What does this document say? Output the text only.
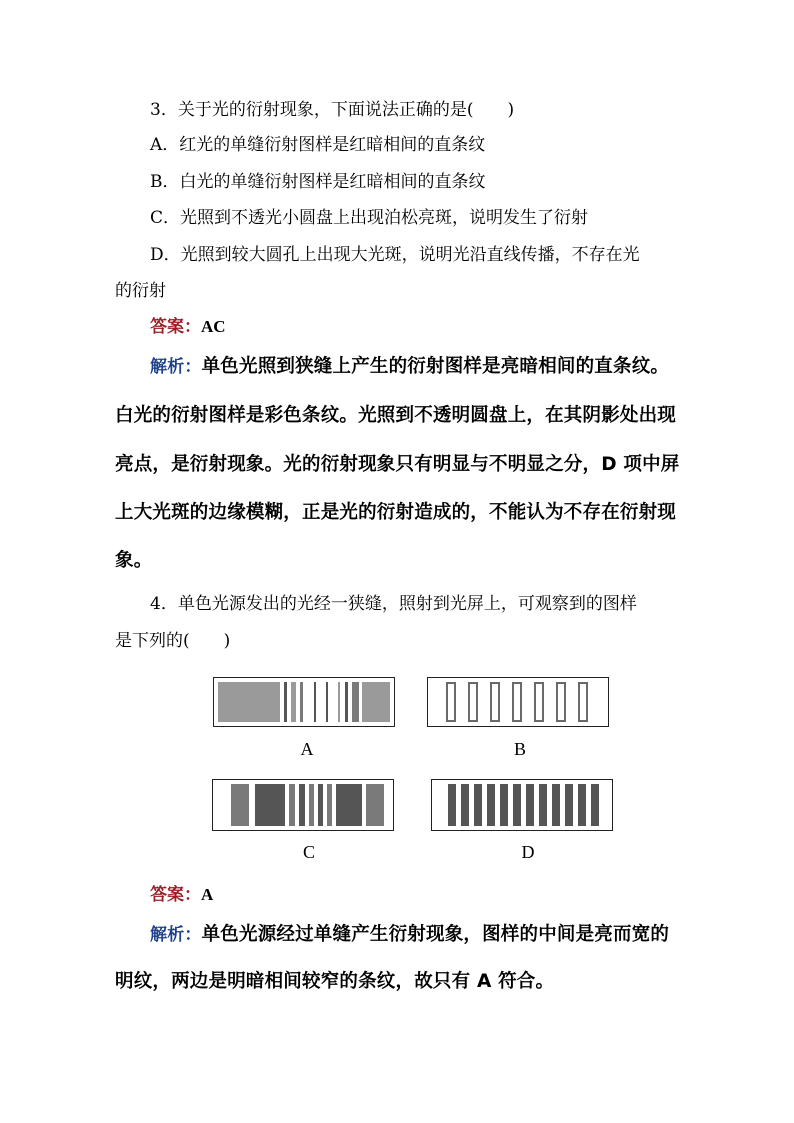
3．关于光的衍射现象，下面说法正确的是(　　)
A．红光的单缝衍射图样是红暗相间的直条纹
B．白光的单缝衍射图样是红暗相间的直条纹
C．光照到不透光小圆盘上出现泊松亮斑，说明发生了衍射
D．光照到较大圆孔上出现大光斑，说明光沿直线传播，不存在光
的衍射
答案：AC
解析：单色光照到狭缝上产生的衍射图样是亮暗相间的直条纹。
白光的衍射图样是彩色条纹。光照到不透明圆盘上，在其阴影处出现
亮点，是衍射现象。光的衍射现象只有明显与不明显之分，D 项中屏
上大光斑的边缘模糊，正是光的衍射造成的，不能认为不存在衍射现
象。
4．单色光源发出的光经一狭缝，照射到光屏上，可观察到的图样
是下列的(　　)
A	B
C	D
答案：A
解析：单色光源经过单缝产生衍射现象，图样的中间是亮而宽的
明纹，两边是明暗相间较窄的条纹，故只有 A 符合。
